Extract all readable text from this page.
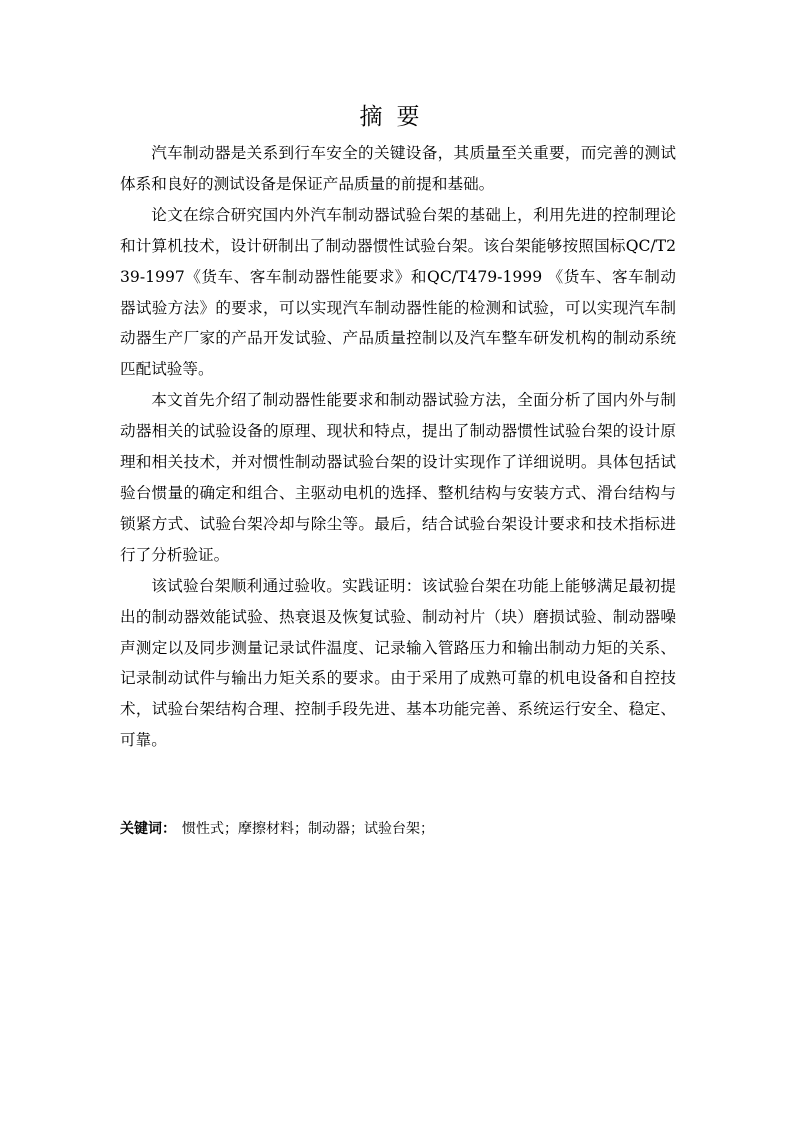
摘要

汽车制动器是关系到行车安全的关键设备，其质量至关重要，而完善的测试体系和良好的测试设备是保证产品质量的前提和基础。

论文在综合研究国内外汽车制动器试验台架的基础上，利用先进的控制理论和计算机技术，设计研制出了制动器惯性试验台架。该台架能够按照国标QC/T239-1997《货车、客车制动器性能要求》和QC/T479-1999 《货车、客车制动器试验方法》的要求，可以实现汽车制动器性能的检测和试验，可以实现汽车制动器生产厂家的产品开发试验、产品质量控制以及汽车整车研发机构的制动系统匹配试验等。

本文首先介绍了制动器性能要求和制动器试验方法，全面分析了国内外与制动器相关的试验设备的原理、现状和特点，提出了制动器惯性试验台架的设计原理和相关技术，并对惯性制动器试验台架的设计实现作了详细说明。具体包括试验台惯量的确定和组合、主驱动电机的选择、整机结构与安装方式、滑台结构与锁紧方式、试验台架冷却与除尘等。最后，结合试验台架设计要求和技术指标进行了分析验证。

该试验台架顺利通过验收。实践证明：该试验台架在功能上能够满足最初提出的制动器效能试验、热衰退及恢复试验、制动衬片（块）磨损试验、制动器噪声测定以及同步测量记录试件温度、记录输入管路压力和输出制动力矩的关系、记录制动试件与输出力矩关系的要求。由于采用了成熟可靠的机电设备和自控技术，试验台架结构合理、控制手段先进、基本功能完善、系统运行安全、稳定、可靠。

关键词： 惯性式；摩擦材料；制动器；试验台架；
